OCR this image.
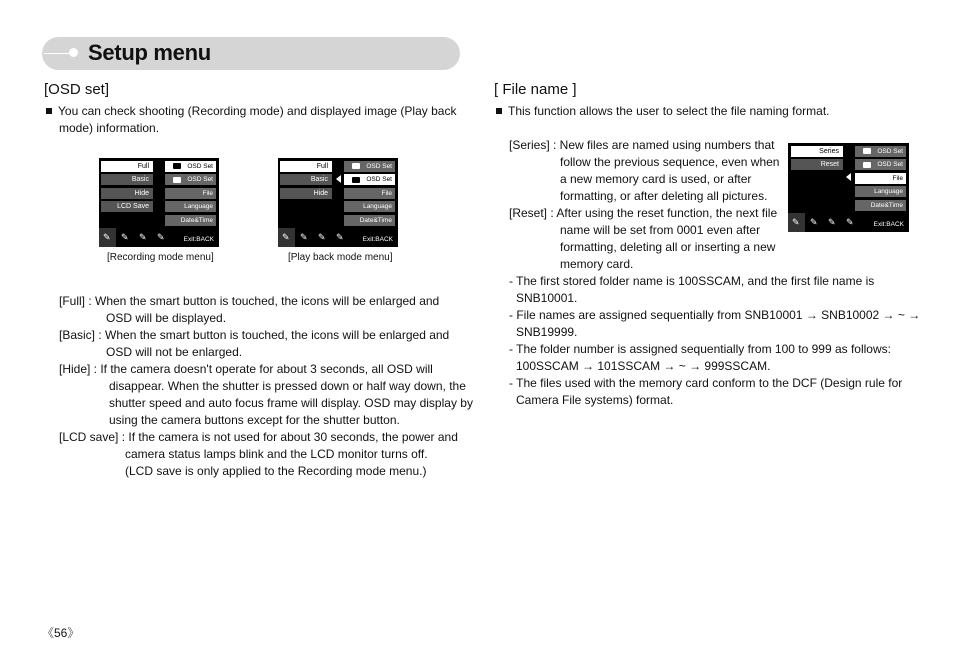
Setup menu
[OSD set]
You can check shooting (Recording mode) and displayed image (Play back
mode) information.
Full
Basic
Hide
LCD Save
OSD Set
OSD Set
File
Language
Date&Time
✎ ✎ ✎ ✎	Exit:BACK
[Recording mode menu]
Full
Basic
Hide
OSD Set
OSD Set
File
Language
Date&Time
✎ ✎ ✎ ✎	Exit:BACK
[Play back mode menu]
[Full] : When the smart button is touched, the icons will be enlarged and
OSD will be displayed.
[Basic] : When the smart button is touched, the icons will be enlarged and
OSD will not be enlarged.
[Hide] : If the camera doesn't operate for about 3 seconds, all OSD will
disappear. When the shutter is pressed down or half way down, the
shutter speed and auto focus frame will display. OSD may display by
using the camera buttons except for the shutter button.
[LCD save] : If the camera is not used for about 30 seconds, the power and
camera status lamps blink and the LCD monitor turns off.
(LCD save is only applied to the Recording mode menu.)
[ File name ]
This function allows the user to select the file naming format.
Series
Reset
OSD Set
OSD Set
File
Language
Date&Time
✎ ✎ ✎ ✎	Exit:BACK
[Series] : New files are named using numbers that
follow the previous sequence, even when
a new memory card is used, or after
formatting, or after deleting all pictures.
[Reset] : After using the reset function, the next file
name will be set from 0001 even after
formatting, deleting all or inserting a new
memory card.
- The first stored folder name is 100SSCAM, and the first file name is
SNB10001.
- File names are assigned sequentially from SNB10001 → SNB10002 → ~ →
SNB19999.
- The folder number is assigned sequentially from 100 to 999 as follows:
100SSCAM → 101SSCAM → ~ → 999SSCAM.
- The files used with the memory card conform to the DCF (Design rule for
Camera File systems) format.
《56》
